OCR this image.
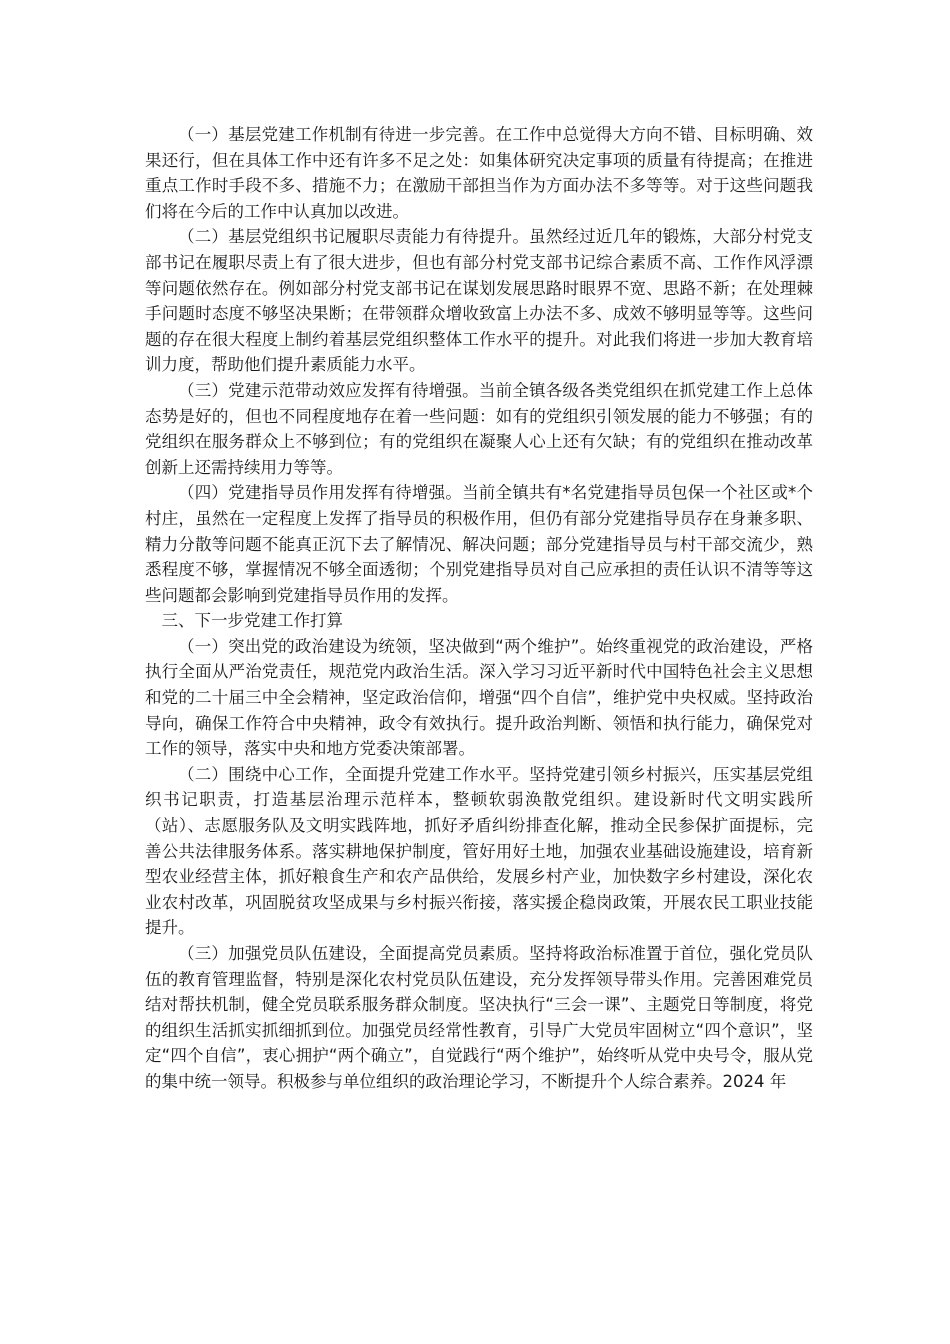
（一）基层党建工作机制有待进一步完善。在工作中总觉得大方向不错、目标明确、效果还行，但在具体工作中还有许多不足之处：如集体研究决定事项的质量有待提高；在推进重点工作时手段不多、措施不力；在激励干部担当作为方面办法不多等等。对于这些问题我们将在今后的工作中认真加以改进。

（二）基层党组织书记履职尽责能力有待提升。虽然经过近几年的锻炼，大部分村党支部书记在履职尽责上有了很大进步，但也有部分村党支部书记综合素质不高、工作作风浮漂等问题依然存在。例如部分村党支部书记在谋划发展思路时眼界不宽、思路不新；在处理棘手问题时态度不够坚决果断；在带领群众增收致富上办法不多、成效不够明显等等。这些问题的存在很大程度上制约着基层党组织整体工作水平的提升。对此我们将进一步加大教育培训力度，帮助他们提升素质能力水平。

（三）党建示范带动效应发挥有待增强。当前全镇各级各类党组织在抓党建工作上总体态势是好的，但也不同程度地存在着一些问题：如有的党组织引领发展的能力不够强；有的党组织在服务群众上不够到位；有的党组织在凝聚人心上还有欠缺；有的党组织在推动改革创新上还需持续用力等等。

（四）党建指导员作用发挥有待增强。当前全镇共有*名党建指导员包保一个社区或*个村庄，虽然在一定程度上发挥了指导员的积极作用，但仍有部分党建指导员存在身兼多职、精力分散等问题不能真正沉下去了解情况、解决问题；部分党建指导员与村干部交流少，熟悉程度不够，掌握情况不够全面透彻；个别党建指导员对自己应承担的责任认识不清等等这些问题都会影响到党建指导员作用的发挥。

三、下一步党建工作打算

（一）突出党的政治建设为统领，坚决做到“两个维护”。始终重视党的政治建设，严格执行全面从严治党责任，规范党内政治生活。深入学习习近平新时代中国特色社会主义思想和党的二十届三中全会精神，坚定政治信仰，增强“四个自信”，维护党中央权威。坚持政治导向，确保工作符合中央精神，政令有效执行。提升政治判断、领悟和执行能力，确保党对工作的领导，落实中央和地方党委决策部署。

（二）围绕中心工作，全面提升党建工作水平。坚持党建引领乡村振兴，压实基层党组织书记职责，打造基层治理示范样本，整顿软弱涣散党组织。建设新时代文明实践所（站）、志愿服务队及文明实践阵地，抓好矛盾纠纷排查化解，推动全民参保扩面提标，完善公共法律服务体系。落实耕地保护制度，管好用好土地，加强农业基础设施建设，培育新型农业经营主体，抓好粮食生产和农产品供给，发展乡村产业，加快数字乡村建设，深化农业农村改革，巩固脱贫攻坚成果与乡村振兴衔接，落实援企稳岗政策，开展农民工职业技能提升。

（三）加强党员队伍建设，全面提高党员素质。坚持将政治标准置于首位，强化党员队伍的教育管理监督，特别是深化农村党员队伍建设，充分发挥领导带头作用。完善困难党员结对帮扶机制，健全党员联系服务群众制度。坚决执行“三会一课”、主题党日等制度，将党的组织生活抓实抓细抓到位。加强党员经常性教育，引导广大党员牢固树立“四个意识”，坚定“四个自信”，衷心拥护“两个确立”，自觉践行“两个维护”，始终听从党中央号令，服从党的集中统一领导。积极参与单位组织的政治理论学习，不断提升个人综合素养。2024 年
